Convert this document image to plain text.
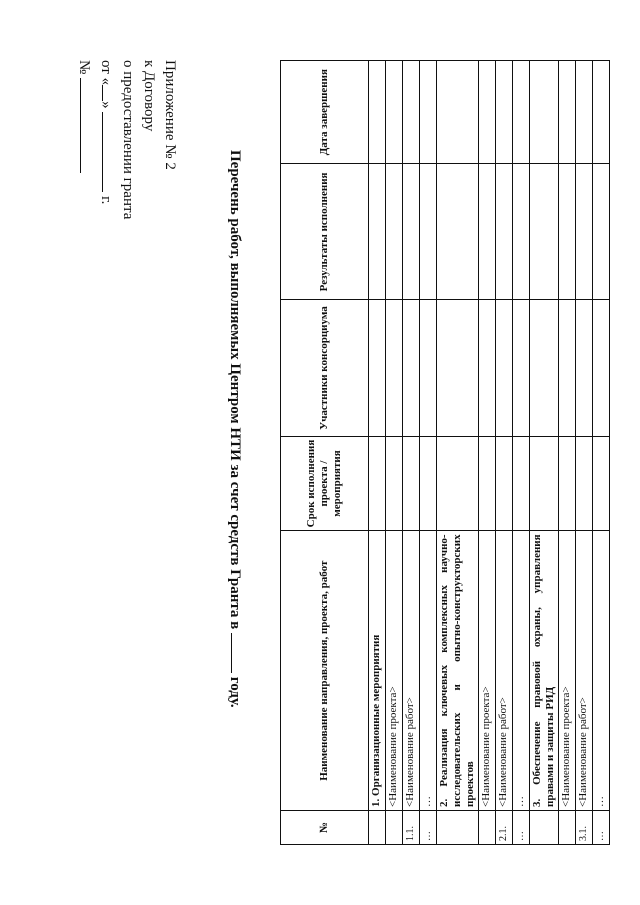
Приложение № 2
к Договору
о предоставлении гранта
от «»  г.
№
Перечень работ, выполняемых Центром НТИ за счет средств Гранта в  году.
№	Наименование направления, проекта, работ	Срок исполнения проекта / мероприятия	Участники консорциума	Результаты исполнения	Дата завершения
	1. Организационные мероприятия				
	<Наименование проекта>				
1.1.	<Наименование работ>				
…	…				
	2. Реализация ключевых комплексных научно-исследовательских и опытно-конструкторских проектов				
	<Наименование проекта>				
2.1.	<Наименование работ>				
…	…				
	3. Обеспечение правовой охраны, управления правами и защиты РИД				
	<Наименование проекта>				
3.1.	<Наименование работ>				
…	…				
